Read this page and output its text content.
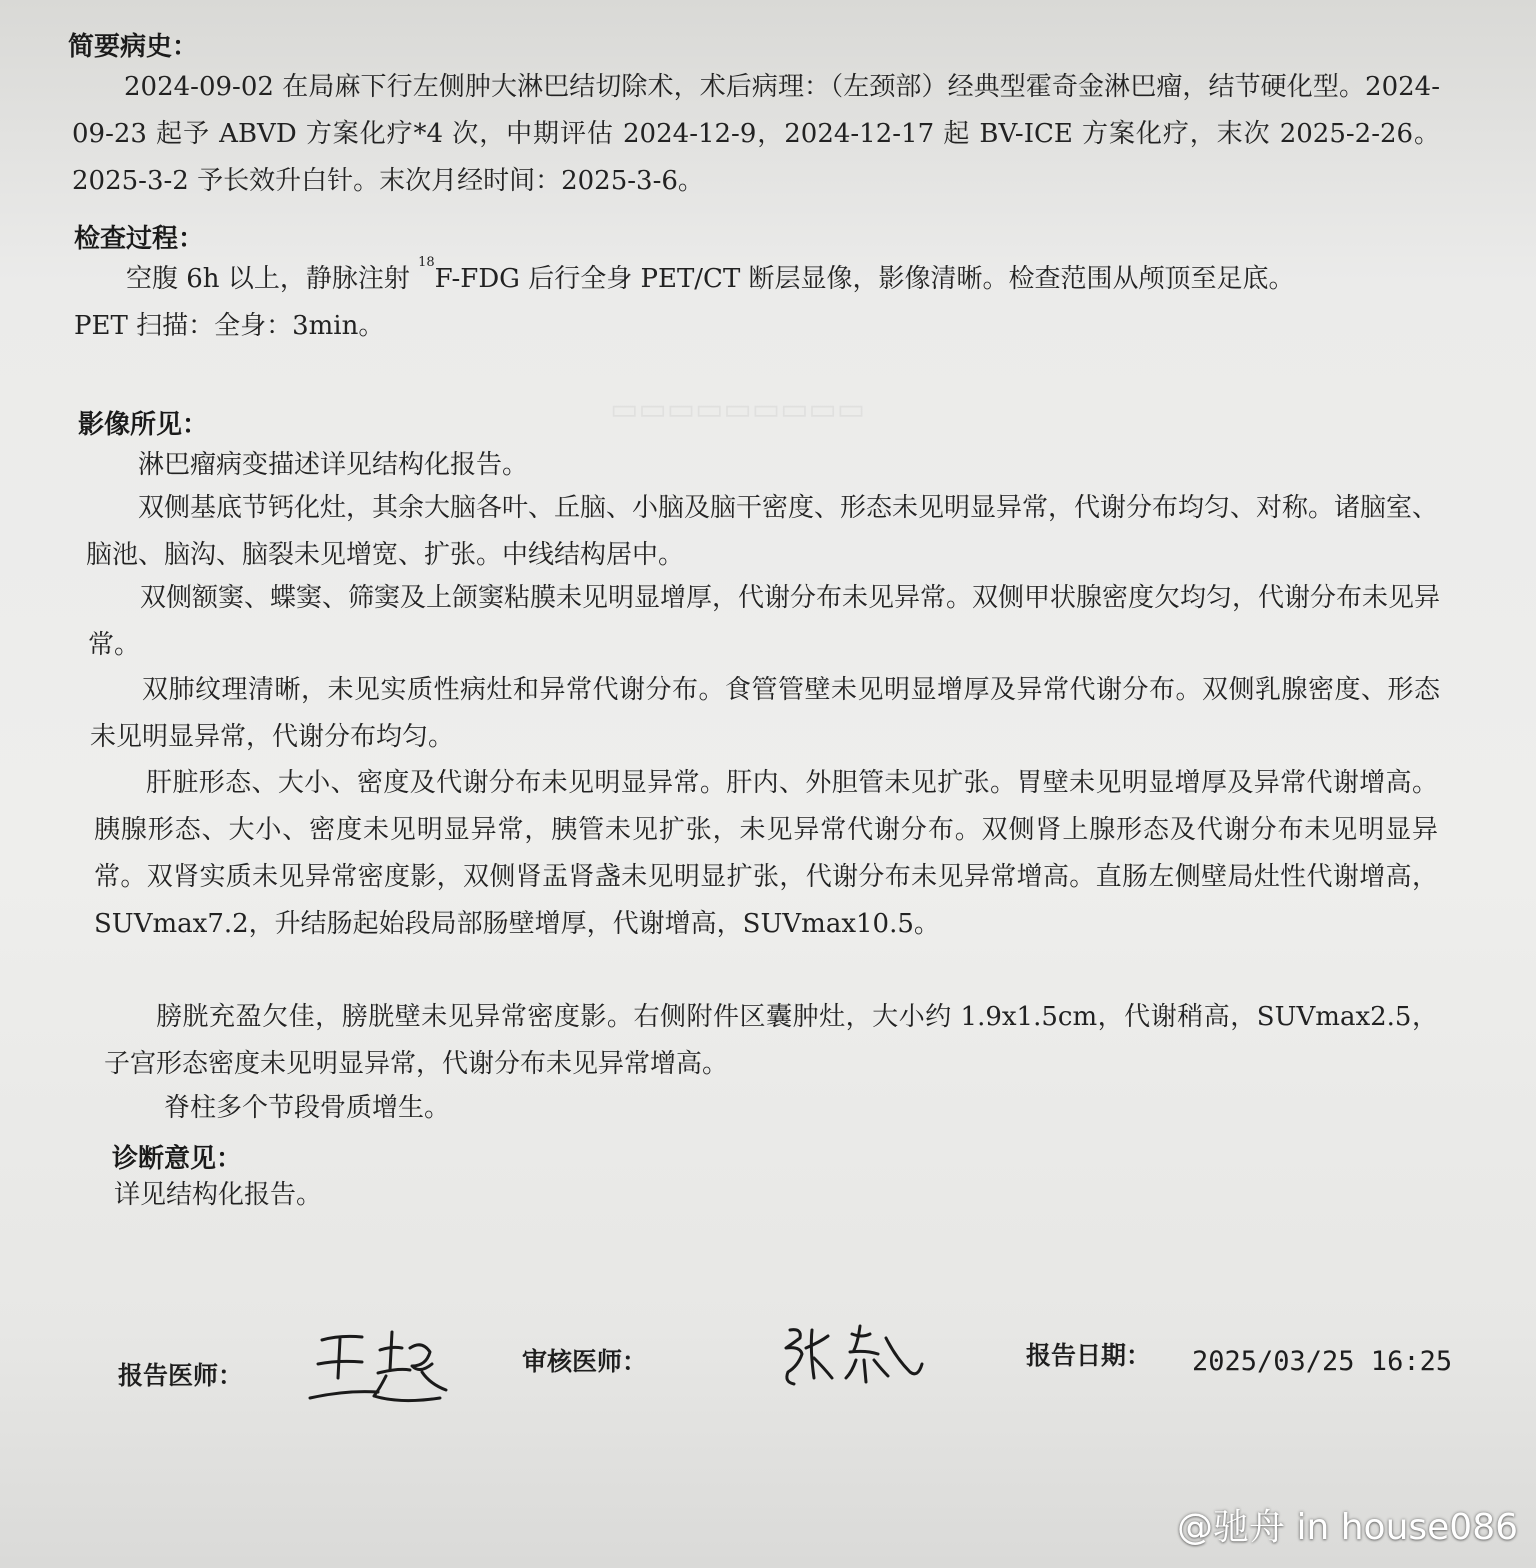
▭▭▭▭▭▭▭▭▭
简要病史：

2024-09-02 在局麻下行左侧肿大淋巴结切除术，术后病理：（左颈部）经典型霍奇金淋巴瘤，结节硬化型。2024-09-23 起予 ABVD 方案化疗*4 次，中期评估 2024-12-9，2024-12-17 起 BV-ICE 方案化疗，末次 2025-2-26。2025-3-2 予长效升白针。末次月经时间：2025-3-6。

检查过程：

空腹 6h 以上，静脉注射 $^{18}$F-FDG 后行全身 PET/CT 断层显像，影像清晰。检查范围从颅顶至足底。

PET 扫描：全身：3min。

影像所见：

淋巴瘤病变描述详见结构化报告。

双侧基底节钙化灶，其余大脑各叶、丘脑、小脑及脑干密度、形态未见明显异常，代谢分布均匀、对称。诸脑室、脑池、脑沟、脑裂未见增宽、扩张。中线结构居中。

双侧额窦、蝶窦、筛窦及上颌窦粘膜未见明显增厚，代谢分布未见异常。双侧甲状腺密度欠均匀，代谢分布未见异常。

双肺纹理清晰，未见实质性病灶和异常代谢分布。食管管壁未见明显增厚及异常代谢分布。双侧乳腺密度、形态未见明显异常，代谢分布均匀。

肝脏形态、大小、密度及代谢分布未见明显异常。肝内、外胆管未见扩张。胃壁未见明显增厚及异常代谢增高。胰腺形态、大小、密度未见明显异常，胰管未见扩张，未见异常代谢分布。双侧肾上腺形态及代谢分布未见明显异常。双肾实质未见异常密度影，双侧肾盂肾盏未见明显扩张，代谢分布未见异常增高。直肠左侧壁局灶性代谢增高，SUVmax7.2，升结肠起始段局部肠壁增厚，代谢增高，SUVmax10.5。

膀胱充盈欠佳，膀胱壁未见异常密度影。右侧附件区囊肿灶，大小约 1.9x1.5cm，代谢稍高，SUVmax2.5，子宫形态密度未见明显异常，代谢分布未见异常增高。

脊柱多个节段骨质增生。

诊断意见：

详见结构化报告。

报告医师：	审核医师：	报告日期： 2025/03/25 16:25
@驰舟 in house086
